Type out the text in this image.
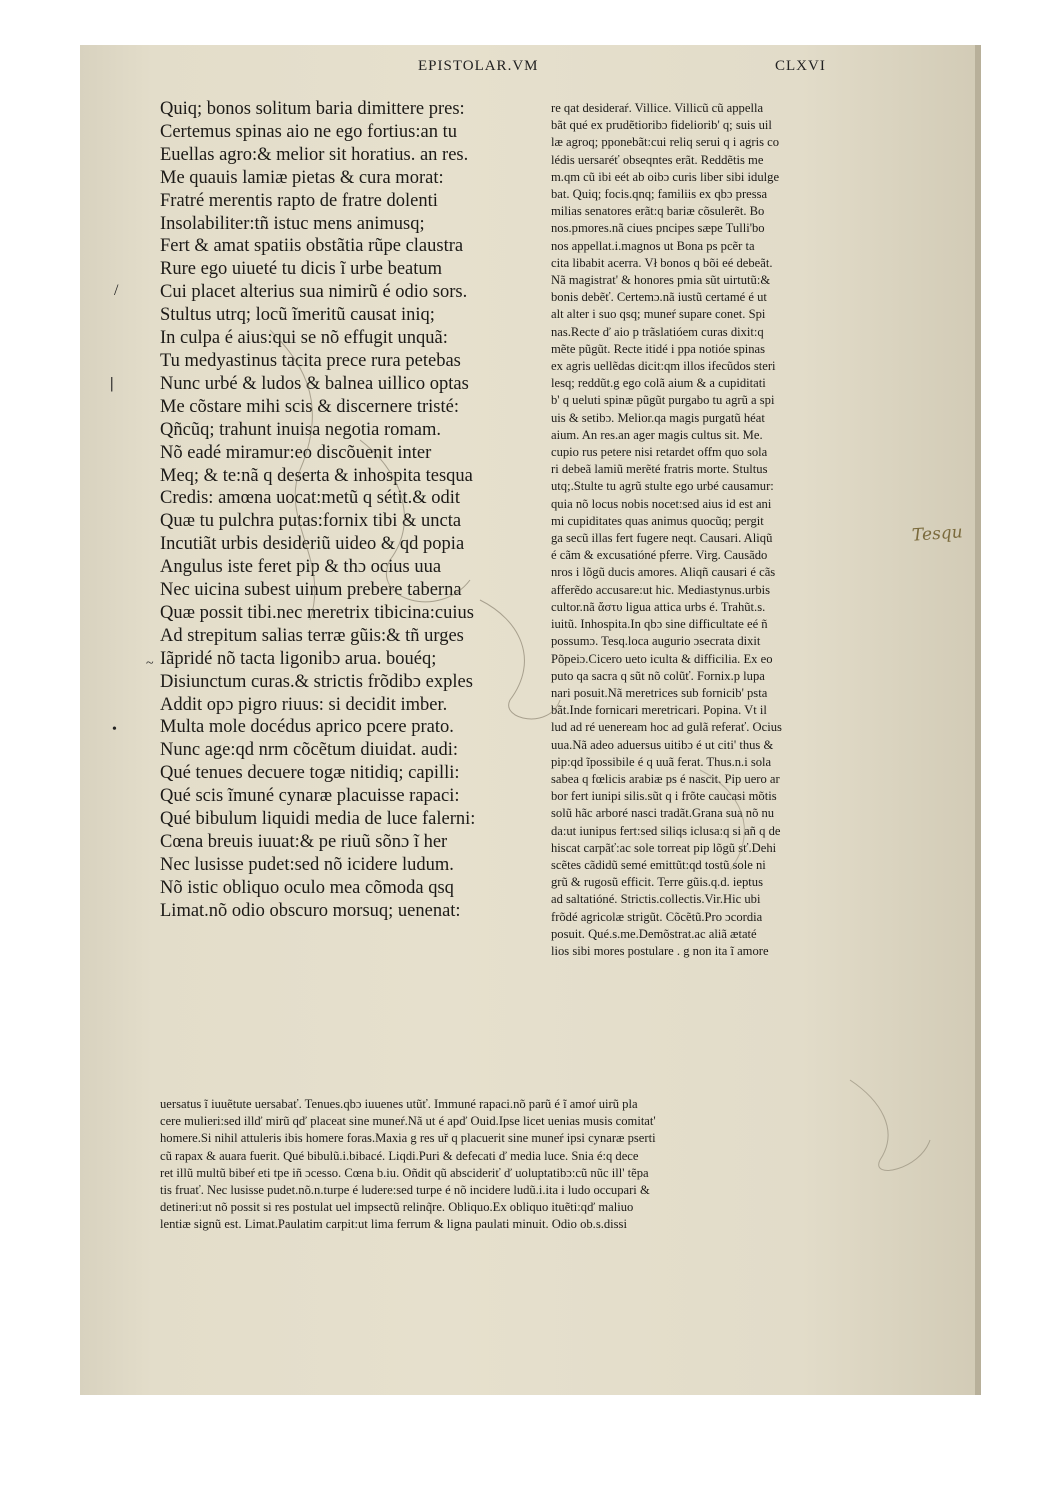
EPISTOLAR.VM	CLXVI
Quiq; bonos solitum baria dimittere pres:
Certemus spinas aio ne ego fortius:an tu
Euellas agro:& melior sit horatius. an res.
Me quauis lamiæ pietas & cura morat:
Fratré merentis rapto de fratre dolenti
Insolabiliter:tñ istuc mens animusq;
Fert & amat spatiis obstãtia rũpe claustra
Rure ego uiueté tu dicis ĩ urbe beatum
Cui placet alterius sua nimirũ é odio sors.
Stultus utrq; locũ ĩmeritũ causat iniq;
In culpa é aius:qui se nõ effugit unquã:
Tu medyastinus tacita prece rura petebas
Nunc urbé & ludos & balnea uillico optas
Me cõstare mihi scis & discernere tristé:
Qñcũq; trahunt inuisa negotia romam.
Nõ eadé miramur:eo discõuenit inter
Meq; & te:nã q deserta & inhospita tesqua
Credis: amœna uocat:metũ q sétit.& odit
Quæ tu pulchra putas:fornix tibi & uncta
Incutiãt urbis desideriũ uideo & qd popia
Angulus iste feret pip & thɔ ocius uua
Nec uicina subest uinum prebere taberna
Quæ possit tibi.nec meretrix tibicina:cuius
Ad strepitum salias terræ gũis:& tñ urges
Iãpridé nõ tacta ligonibɔ arua. bouéq;
Disiunctum curas.& strictis frõdibɔ exples
Addit opɔ pigro riuus: si decidit imber.
Multa mole docédus aprico pcere prato.
Nunc age:qd nrm cõcẽtum diuidat. audi:
Qué tenues decuere togæ nitidiq; capilli:
Qué scis ĩmuné cynaræ placuisse rapaci:
Qué bibulum liquidi media de luce falerni:
Cœna breuis iuuat:& pe riuũ sõnɔ ĩ her
Nec lusisse pudet:sed nõ icidere ludum.
Nõ istic obliquo oculo mea cõmoda qsq
Limat.nõ odio obscuro morsuq; uenenat:
re qat desideraŕ. Villice. Villicũ cũ appella
bãt qué ex prudẽtioribɔ fideliorib' q; suis uil
læ agroq; pponebãt:cui reliq serui q i agris co
lédis uersaréť obseqntes erãt. Reddẽtis me
m.qm cũ ibi eét ab oibɔ curis liber sibi idulge
bat. Quiq; focis.qnq; familiis ex qbɔ pressa
milias senatores erãt:q bariæ cõsulerẽt. Bo
nos.pmores.nã ciues pncipes sæpe Tulli'bo
nos appellat.i.magnos ut Bona ps pcẽr ta
cita libabit acerra. Vł bonos q bõi eé debeãt.
Nã magistrat' & honores pmia sũt uirtutũ:&
bonis debẽť. Certemɔ.nã iustũ certamé é ut
alt alter i suo qsq; muneŕ supare conet. Spi
nas.Recte ď aio p trãslatióem curas dixit:q
mẽte pũgũt. Recte itidé i ppa notióe spinas
ex agris uellẽdas dicit:qm illos ifecũdos steri
lesq; reddũt.g ego colã aium & a cupiditati
b' q ueluti spinæ pũgũt purgabo tu agrũ a spi
uis & setibɔ. Melior.qa magis purgatũ héat
aium. An res.an ager magis cultus sit. Me.
cupio rus petere nisi retardet offm quo sola
ri debeã lamiũ merẽté fratris morte. Stultus
utq;.Stulte tu agrũ stulte ego urbé causamur:
quia nõ locus nobis nocet:sed aius id est ani
mi cupiditates quas animus quocũq; pergit
ga secũ illas fert fugere neqt. Causari. Aliqũ
é cãm & excusatióné pferre. Virg. Causãdo
nros i lõgũ ducis amores. Aliqñ causari é cãs
afferẽdo accusare:ut hic. Mediastynus.urbis
cultor.nã ἄστυ ligua attica urbs é. Trahũt.s.
iuitũ. Inhospita.In qbɔ sine difficultate eé ñ
possumɔ. Tesq.loca augurio ɔsecrata dixit
Põpeiɔ.Cicero ueto iculta & difficilia. Ex eo
puto qa sacra q sũt nõ colũť. Fornix.p lupa
nari posuit.Nã meretrices sub fornicib' psta
bãt.Inde fornicari meretricari. Popina. Vt il
lud ad ré ueneream hoc ad gulã referať. Ocius
uua.Nã adeo aduersus uitibɔ é ut citi' thus &
pip:qd ĩpossibile é q uuã ferat. Thus.n.i sola
sabea q fœlicis arabiæ ps é nascit. Pip uero ar
bor fert iunipi silis.sũt q i frõte caucasi mõtis
solũ hãc arboré nasci tradãt.Grana sua nõ nu
da:ut iunipus fert:sed siliqs iclusa:q si añ q de
hiscat carpãť:ac sole torreat pip lõgũ sť.Dehi
scẽtes cãdidũ semé emittũt:qd tostũ sole ni
grũ & rugosũ efficit. Terre gũis.q.d. ieptus
ad saltatióné. Strictis.collectis.Vir.Hic ubi
frõdé agricolæ strigũt. Cõcẽtũ.Pro ɔcordia
posuit. Qué.s.me.Demõstrat.ac aliã ætaté
lios sibi mores postulare . g non ita ĩ amore
uersatus ĩ iuuẽtute uersabať. Tenues.qbɔ iuuenes utũť. Immuné rapaci.nõ parũ é ĩ amoŕ uirũ pla
cere mulieri:sed illď mirũ qď placeat sine muneŕ.Nã ut é apď Ouid.Ipse licet uenias musis comitat'
homere.Si nihil attuleris ibis homere foras.Maxia g res uř q placuerit sine muneŕ ipsi cynaræ pserti
cũ rapax & auara fuerit. Qué bibulũ.i.bibacé. Liqdi.Puri & defecati ď media luce. Snia é:q dece
ret illũ multũ bibeŕ eti tpe iñ ɔcesso. Cœna b.iu. Oñdit qũ abscideriť ď uoluptatibɔ:cũ nũc ill' tẽpa
tis fruať. Nec lusisse pudet.nõ.n.turpe é ludere:sed turpe é nõ incidere ludũ.i.ita i ludo occupari &
detineri:ut nõ possit si res postulat uel impsectũ relinq̃re. Obliquo.Ex obliquo ituẽti:qď maliuo
lentiæ signũ est. Limat.Paulatim carpit:ut lima ferrum & ligna paulati minuit. Odio ob.s.dissi
Tesqu
/
|
•
~
